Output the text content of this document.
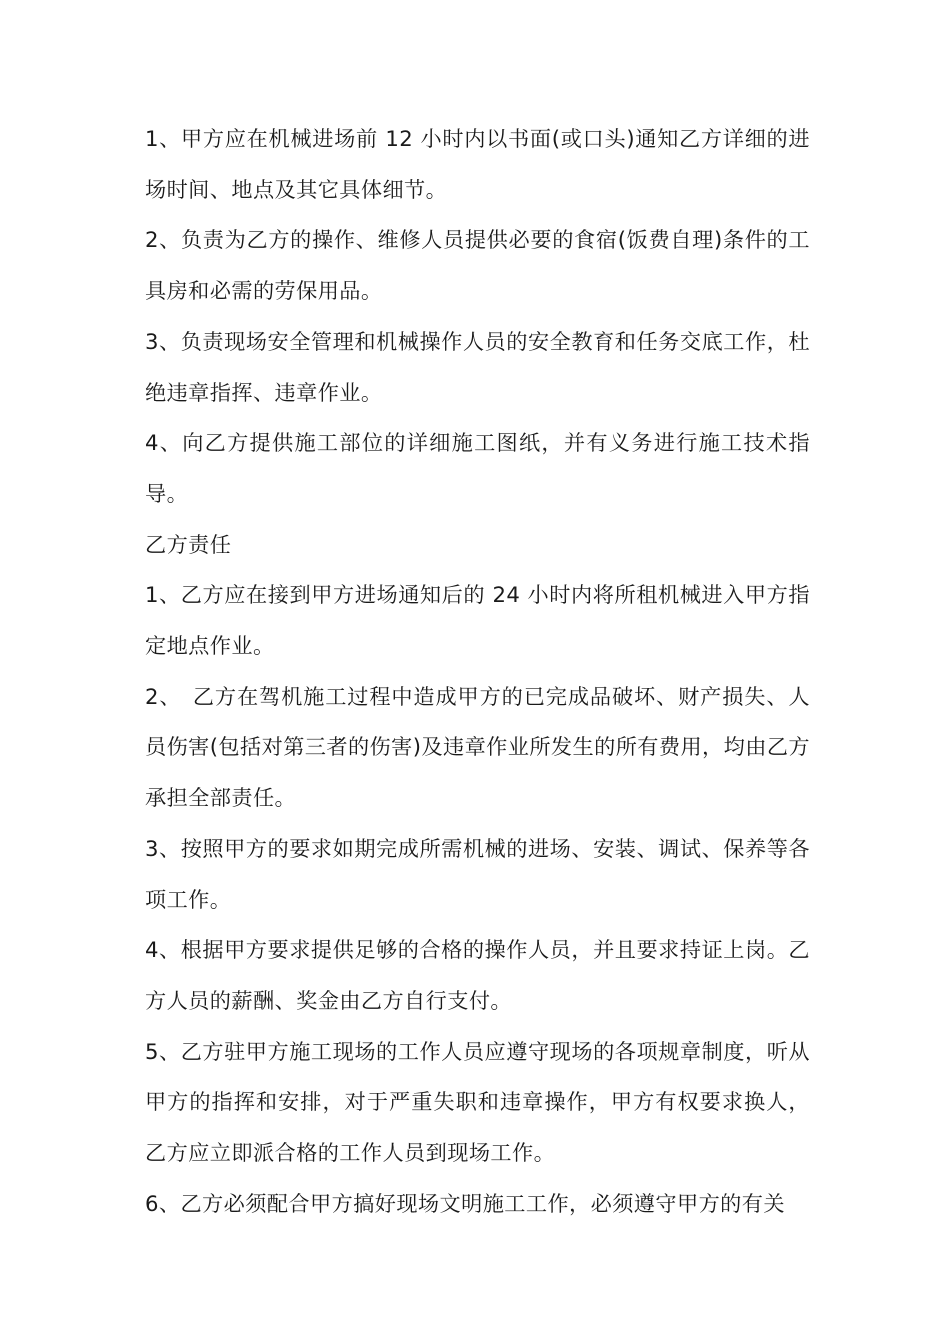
1、甲方应在机械进场前 12 小时内以书面(或口头)通知乙方详细的进场时间、地点及其它具体细节。

2、负责为乙方的操作、维修人员提供必要的食宿(饭费自理)条件的工具房和必需的劳保用品。

3、负责现场安全管理和机械操作人员的安全教育和任务交底工作，杜绝违章指挥、违章作业。

4、向乙方提供施工部位的详细施工图纸，并有义务进行施工技术指导。

乙方责任

1、乙方应在接到甲方进场通知后的 24 小时内将所租机械进入甲方指定地点作业。

2、　乙方在驾机施工过程中造成甲方的已完成品破坏、财产损失、人员伤害(包括对第三者的伤害)及违章作业所发生的所有费用，均由乙方承担全部责任。

3、按照甲方的要求如期完成所需机械的进场、安装、调试、保养等各项工作。

4、根据甲方要求提供足够的合格的操作人员，并且要求持证上岗。乙方人员的薪酬、奖金由乙方自行支付。

5、乙方驻甲方施工现场的工作人员应遵守现场的各项规章制度，听从甲方的指挥和安排，对于严重失职和违章操作，甲方有权要求换人，乙方应立即派合格的工作人员到现场工作。

6、乙方必须配合甲方搞好现场文明施工工作，必须遵守甲方的有关
